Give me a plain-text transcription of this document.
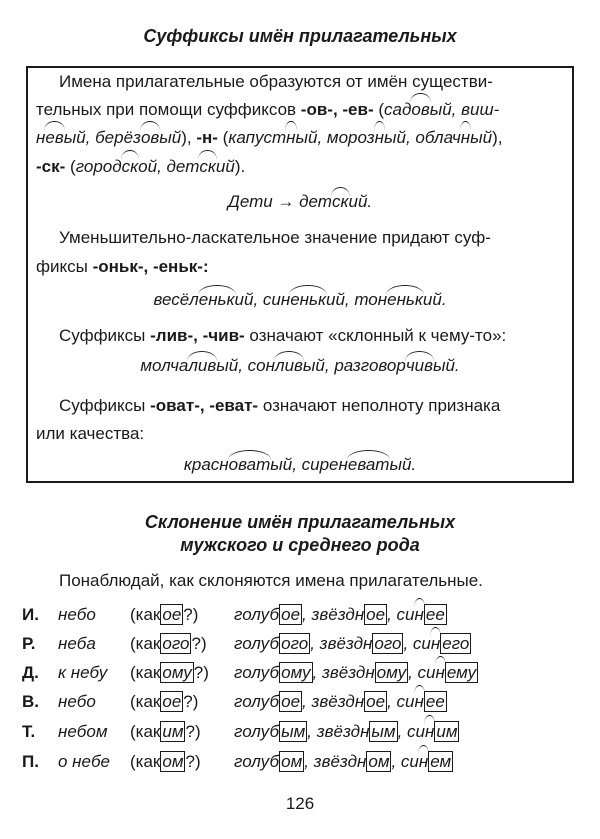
Суффиксы имён прилагательных
Имена прилагательные образуются от имён существи-
тельных при помощи суффиксов -ов-, -ев- (садовый, виш-
невый, берёзовый), -н- (капустный, морозный, облачный),
-ск- (городской, детский).
Дети → детский.
Уменьшительно-ласкательное значение придают суф-
фиксы -оньк-, -еньк-:
весёленький, синенький, тоненький.
Суффиксы -лив-, -чив- означают «склонный к чему-то»:
молчаливый, сонливый, разговорчивый.
Суффиксы -оват-, -еват- означают неполноту признака
или качества:
красноватый, сиреневатый.
Склонение имён прилагательных
мужского и среднего рода
Понаблюдай, как склоняются имена прилагательные.
И. небо (как ое ?) голуб ое , звёздн ое , син ее
Р. неба (как ого ?) голуб ого , звёздн ого , син его
Д. к небу (как ому ?) голуб ому , звёздн ому , син ему
В. небо (как ое ?) голуб ое , звёздн ое , син ее
Т. небом (как им ?) голуб ым , звёздн ым , син им
П. о небе (как ом ?) голуб ом , звёздн ом , син ем
126
